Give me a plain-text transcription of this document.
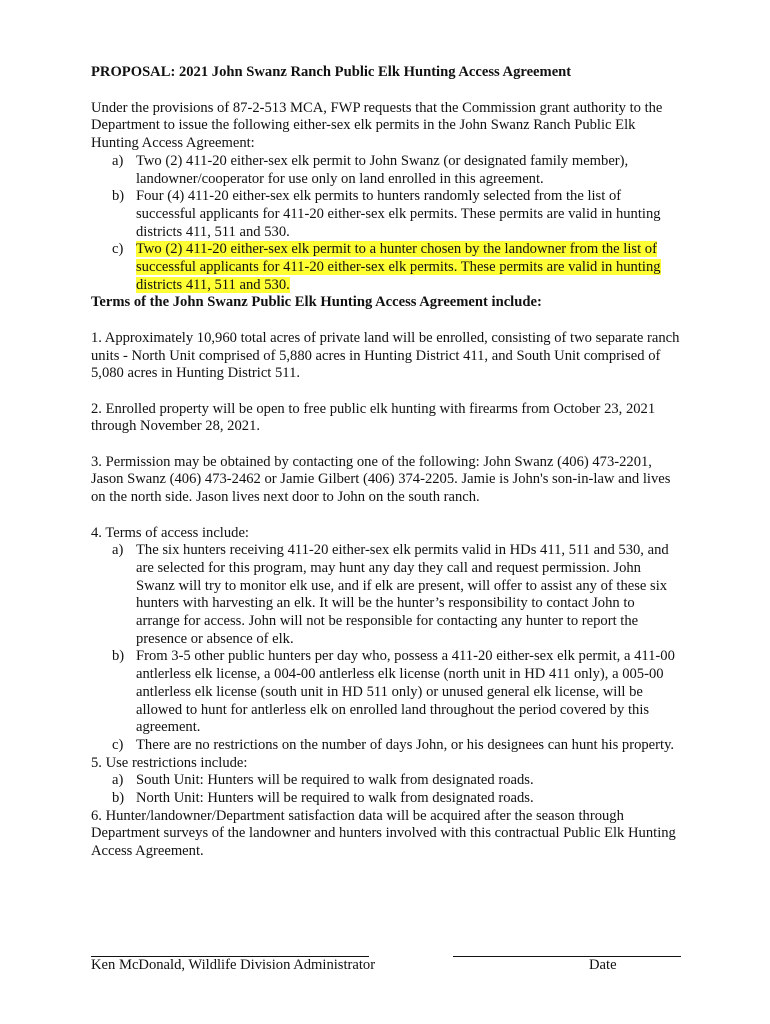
PROPOSAL: 2021 John Swanz Ranch Public Elk Hunting Access Agreement

Under the provisions of 87-2-513 MCA, FWP requests that the Commission grant authority to the Department to issue the following either-sex elk permits in the John Swanz Ranch Public Elk Hunting Access Agreement:

a) Two (2) 411-20 either-sex elk permit to John Swanz (or designated family member), landowner/cooperator for use only on land enrolled in this agreement.
b) Four (4) 411-20 either-sex elk permits to hunters randomly selected from the list of successful applicants for 411-20 either-sex elk permits. These permits are valid in hunting districts 411, 511 and 530.
c) Two (2) 411-20 either-sex elk permit to a hunter chosen by the landowner from the list of successful applicants for 411-20 either-sex elk permits. These permits are valid in hunting districts 411, 511 and 530.

Terms of the John Swanz Public Elk Hunting Access Agreement include:

1. Approximately 10,960 total acres of private land will be enrolled, consisting of two separate ranch units - North Unit comprised of 5,880 acres in Hunting District 411, and South Unit comprised of 5,080 acres in Hunting District 511.

2. Enrolled property will be open to free public elk hunting with firearms from October 23, 2021 through November 28, 2021.

3. Permission may be obtained by contacting one of the following: John Swanz (406) 473-2201, Jason Swanz (406) 473-2462 or Jamie Gilbert (406) 374-2205. Jamie is John's son-in-law and lives on the north side. Jason lives next door to John on the south ranch.

4. Terms of access include:

a) The six hunters receiving 411-20 either-sex elk permits valid in HDs 411, 511 and 530, and are selected for this program, may hunt any day they call and request permission. John Swanz will try to monitor elk use, and if elk are present, will offer to assist any of these six hunters with harvesting an elk. It will be the hunter’s responsibility to contact John to arrange for access. John will not be responsible for contacting any hunter to report the presence or absence of elk.
b) From 3-5 other public hunters per day who, possess a 411-20 either-sex elk permit, a 411-00 antlerless elk license, a 004-00 antlerless elk license (north unit in HD 411 only), a 005-00 antlerless elk license (south unit in HD 511 only) or unused general elk license, will be allowed to hunt for antlerless elk on enrolled land throughout the period covered by this agreement.
c) There are no restrictions on the number of days John, or his designees can hunt his property.

5. Use restrictions include:

a) South Unit: Hunters will be required to walk from designated roads.
b) North Unit: Hunters will be required to walk from designated roads.

6. Hunter/landowner/Department satisfaction data will be acquired after the season through Department surveys of the landowner and hunters involved with this contractual Public Elk Hunting Access Agreement.

Ken McDonald, Wildlife Division Administrator	Date
